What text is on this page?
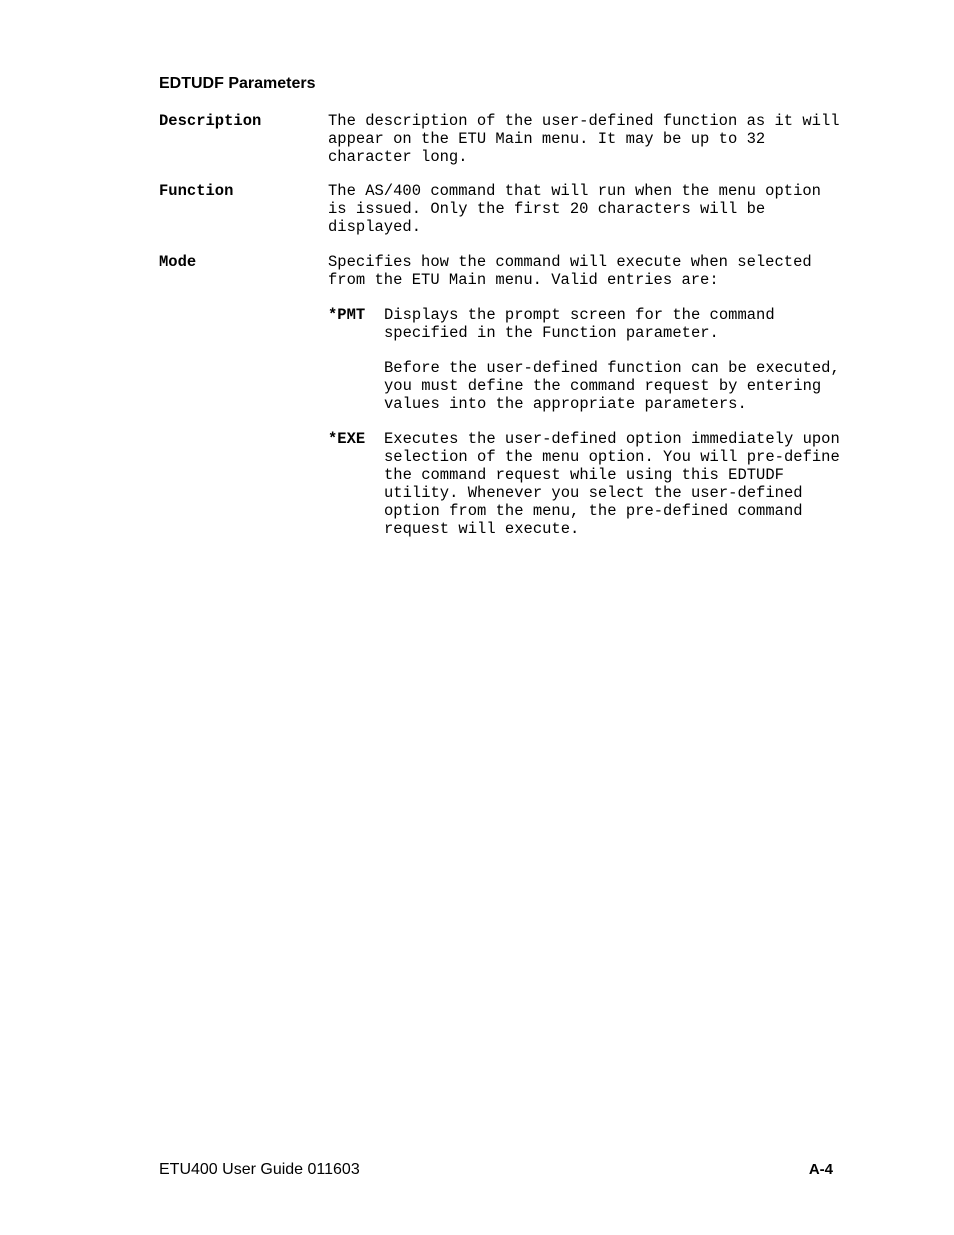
EDTUDF Parameters
Description	The description of the user-defined function as it will
appear on the ETU Main menu. It may be up to 32
character long.
Function	The AS/400 command that will run when the menu option
is issued. Only the first 20 characters will be
displayed.
Mode	Specifies how the command will execute when selected
from the ETU Main menu. Valid entries are:
*PMT Displays the prompt screen for the command
specified in the Function parameter.
Before the user-defined function can be executed,
you must define the command request by entering
values into the appropriate parameters.
*EXE Executes the user-defined option immediately upon
selection of the menu option. You will pre-define
the command request while using this EDTUDF
utility. Whenever you select the user-defined
option from the menu, the pre-defined command
request will execute.
ETU400 User Guide 011603	A-4
